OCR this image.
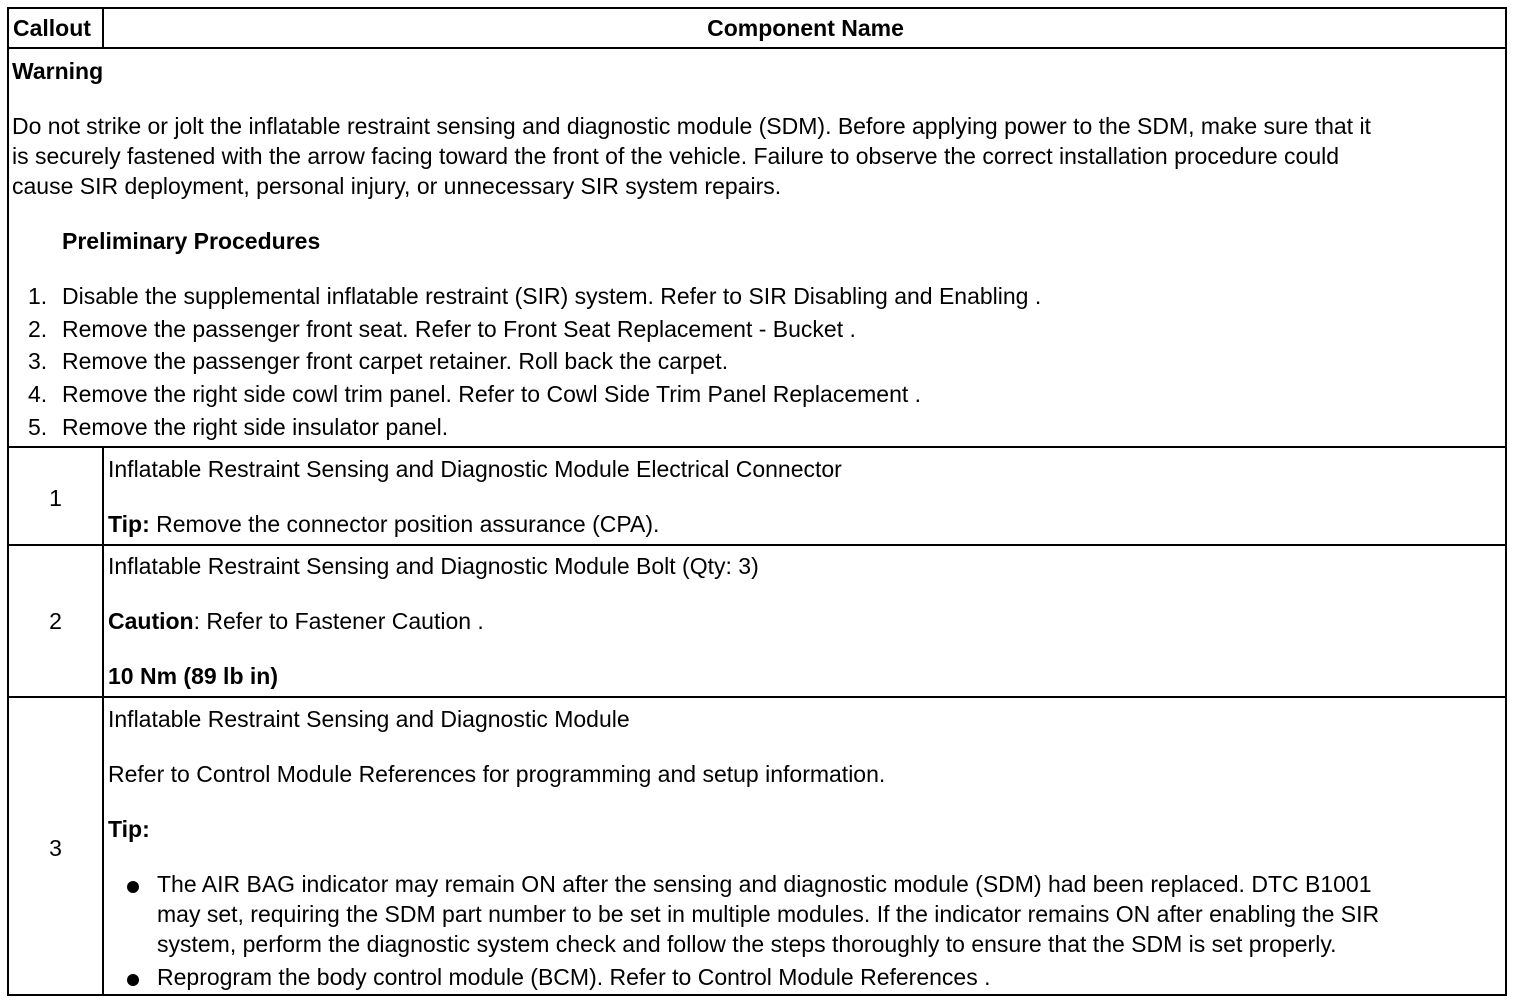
Callout	Component Name
Warning
Do not strike or jolt the inflatable restraint sensing and diagnostic module (SDM). Before applying power to the SDM, make sure that it
is securely fastened with the arrow facing toward the front of the vehicle. Failure to observe the correct installation procedure could
cause SIR deployment, personal injury, or unnecessary SIR system repairs.
Preliminary Procedures
1. Disable the supplemental inflatable restraint (SIR) system. Refer to SIR Disabling and Enabling .
2. Remove the passenger front seat. Refer to Front Seat Replacement - Bucket .
3. Remove the passenger front carpet retainer. Roll back the carpet.
4. Remove the right side cowl trim panel. Refer to Cowl Side Trim Panel Replacement .
5. Remove the right side insulator panel.
1
Inflatable Restraint Sensing and Diagnostic Module Electrical Connector
Tip: Remove the connector position assurance (CPA).
2
Inflatable Restraint Sensing and Diagnostic Module Bolt (Qty: 3)
Caution: Refer to Fastener Caution .
10 Nm (89 lb in)
3
Inflatable Restraint Sensing and Diagnostic Module
Refer to Control Module References for programming and setup information.
Tip:
The AIR BAG indicator may remain ON after the sensing and diagnostic module (SDM) had been replaced. DTC B1001
may set, requiring the SDM part number to be set in multiple modules. If the indicator remains ON after enabling the SIR
system, perform the diagnostic system check and follow the steps thoroughly to ensure that the SDM is set properly.
Reprogram the body control module (BCM). Refer to Control Module References .
